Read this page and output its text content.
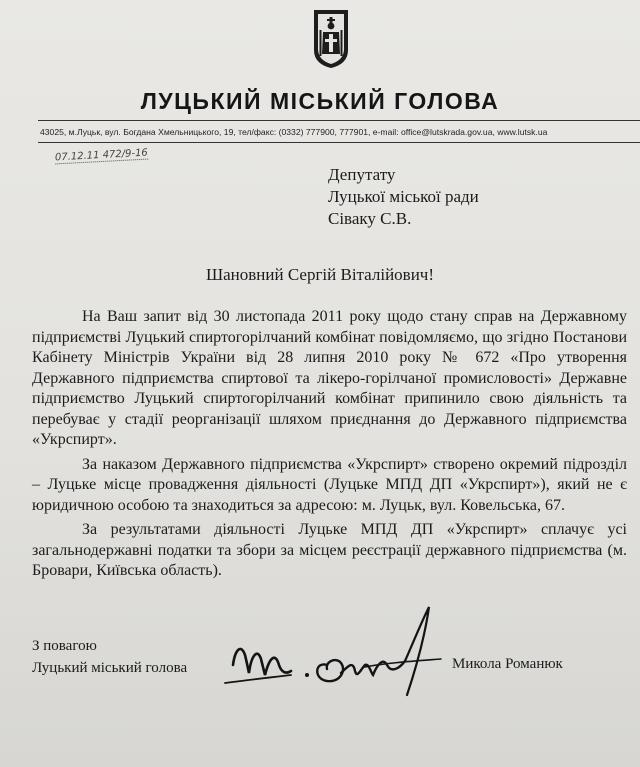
ЛУЦЬКИЙ МІСЬКИЙ ГОЛОВА
43025, м.Луцьк, вул. Богдана Хмельницького, 19, тел/факс: (0332) 777900, 777901, e-mail: office@lutskrada.gov.ua, www.lutsk.ua
07.12.11 472/9-16
Депутату
Луцької міської ради
Сіваку С.В.
Шановний Сергій Віталійович!

На Ваш запит від 30 листопада 2011 року щодо стану справ на Державному підприємстві Луцький спиртогорілчаний комбінат повідомляємо, що згідно Постанови Кабінету Міністрів України від 28 липня 2010 року № 672 «Про утворення Державного підприємства спиртової та лікеро-горілчаної промисловості» Державне підприємство Луцький спиртогорілчаний комбінат припинило свою діяльність та перебуває у стадії реорганізації шляхом приєднання до Державного підприємства «Укрспирт».

За наказом Державного підприємства «Укрспирт» створено окремий підрозділ – Луцьке місце провадження діяльності (Луцьке МПД ДП «Укрспирт»), який не є юридичною особою та знаходиться за адресою: м. Луцьк, вул. Ковельська, 67.

За результатами діяльності Луцьке МПД ДП «Укрспирт» сплачує усі загальнодержавні податки та збори за місцем реєстрації державного підприємства (м. Бровари, Київська область).

З повагою
Луцький міський голова	Микола Романюк
